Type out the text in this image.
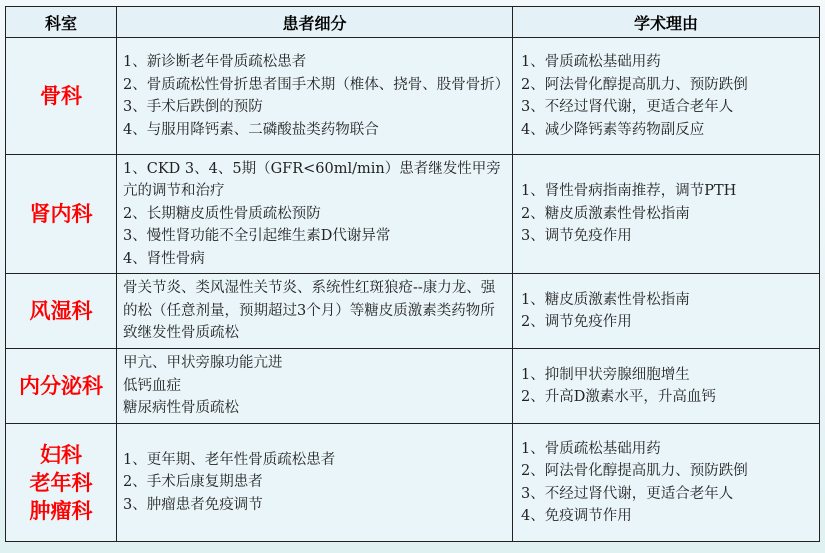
科室	患者细分	学术理由

骨科	1、新诊断老年骨质疏松患者
2、骨质疏松性骨折患者围手术期（椎体、挠骨、股骨骨折）
3、手术后跌倒的预防
4、与服用降钙素、二磷酸盐类药物联合	1、骨质疏松基础用药
2、阿法骨化醇提高肌力、预防跌倒
3、不经过肾代谢，更适合老年人
4、减少降钙素等药物副反应

肾内科	1、CKD 3、4、5期（GFR<60ml/min）患者继发性甲旁亢的调节和治疗
2、长期糖皮质性骨质疏松预防
3、慢性肾功能不全引起维生素D代谢异常
4、肾性骨病	1、肾性骨病指南推荐，调节PTH
2、糖皮质激素性骨松指南
3、调节免疫作用

风湿科	骨关节炎、类风湿性关节炎、系统性红斑狼疮--康力龙、强的松（任意剂量，预期超过3个月）等糖皮质激素类药物所致继发性骨质疏松	1、糖皮质激素性骨松指南
2、调节免疫作用

内分泌科	甲亢、甲状旁腺功能亢进
低钙血症
糖尿病性骨质疏松	1、抑制甲状旁腺细胞增生
2、升高D激素水平，升高血钙

妇科
老年科
肿瘤科	1、更年期、老年性骨质疏松患者
2、手术后康复期患者
3、肿瘤患者免疫调节	1、骨质疏松基础用药
2、阿法骨化醇提高肌力、预防跌倒
3、不经过肾代谢，更适合老年人
4、免疫调节作用
